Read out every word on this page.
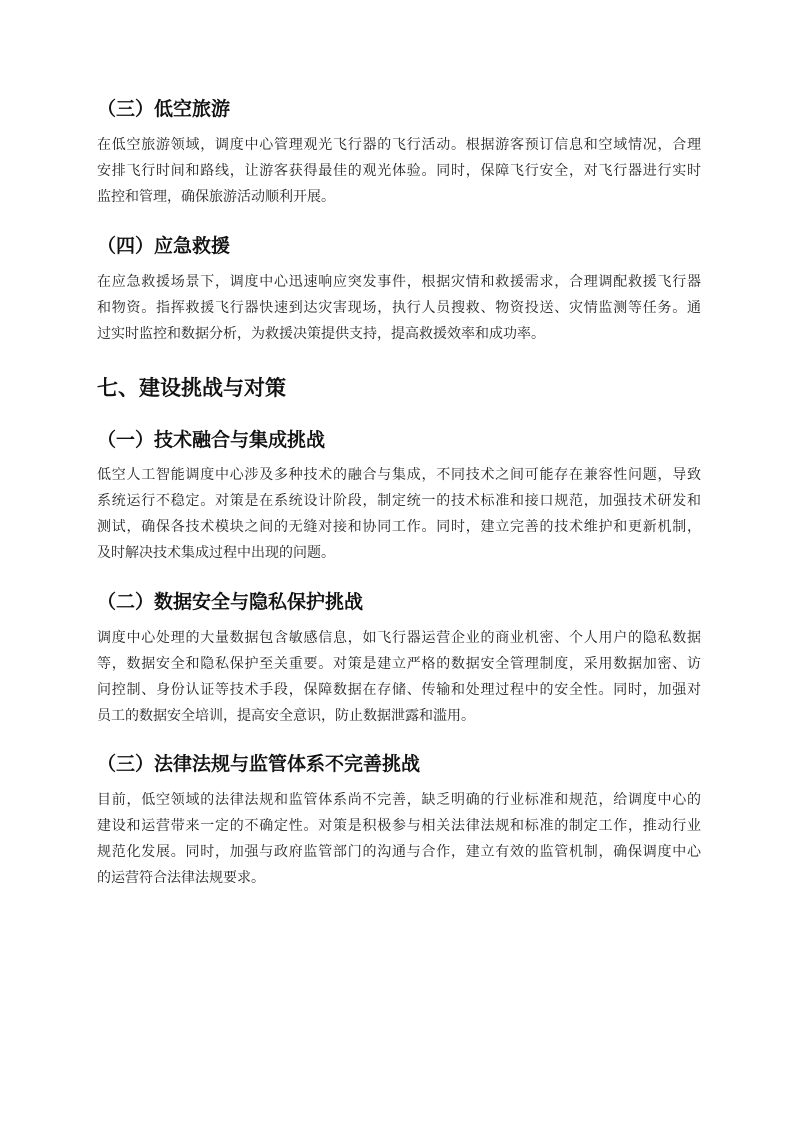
（三）低空旅游
在低空旅游领域，调度中心管理观光飞行器的飞行活动。根据游客预订信息和空域情况，合理
安排飞行时间和路线，让游客获得最佳的观光体验。同时，保障飞行安全，对飞行器进行实时
监控和管理，确保旅游活动顺利开展。
（四）应急救援
在应急救援场景下，调度中心迅速响应突发事件，根据灾情和救援需求，合理调配救援飞行器
和物资。指挥救援飞行器快速到达灾害现场，执行人员搜救、物资投送、灾情监测等任务。通
过实时监控和数据分析，为救援决策提供支持，提高救援效率和成功率。
七、建设挑战与对策
（一）技术融合与集成挑战
低空人工智能调度中心涉及多种技术的融合与集成，不同技术之间可能存在兼容性问题，导致
系统运行不稳定。对策是在系统设计阶段，制定统一的技术标准和接口规范，加强技术研发和
测试，确保各技术模块之间的无缝对接和协同工作。同时，建立完善的技术维护和更新机制，
及时解决技术集成过程中出现的问题。
（二）数据安全与隐私保护挑战
调度中心处理的大量数据包含敏感信息，如飞行器运营企业的商业机密、个人用户的隐私数据
等，数据安全和隐私保护至关重要。对策是建立严格的数据安全管理制度，采用数据加密、访
问控制、身份认证等技术手段，保障数据在存储、传输和处理过程中的安全性。同时，加强对
员工的数据安全培训，提高安全意识，防止数据泄露和滥用。
（三）法律法规与监管体系不完善挑战
目前，低空领域的法律法规和监管体系尚不完善，缺乏明确的行业标准和规范，给调度中心的
建设和运营带来一定的不确定性。对策是积极参与相关法律法规和标准的制定工作，推动行业
规范化发展。同时，加强与政府监管部门的沟通与合作，建立有效的监管机制，确保调度中心
的运营符合法律法规要求。
